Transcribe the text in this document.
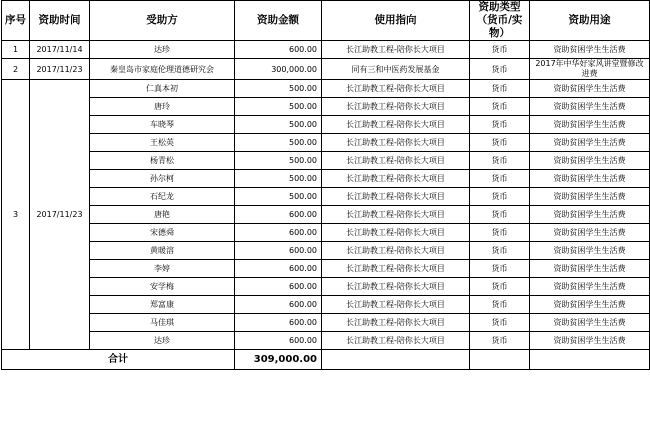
序号	资助时间	受助方	资助金额	使用指向	资助类型（货币/实物）	资助用途
1	2017/11/14	达珍	600.00	长江助教工程-陪你长大项目	货币	资助贫困学生生活费
2	2017/11/23	秦皇岛市家庭伦理道德研究会	300,000.00	同有三和中医药发展基金	货币	2017年中华好家风讲堂暨修改进费
3	2017/11/23	仁真本初	500.00	长江助教工程-陪你长大项目	货币	资助贫困学生生活费
		唐玲	500.00	长江助教工程-陪你长大项目	货币	资助贫困学生生活费
		车晓琴	500.00	长江助教工程-陪你长大项目	货币	资助贫困学生生活费
		王松英	500.00	长江助教工程-陪你长大项目	货币	资助贫困学生生活费
		杨青松	500.00	长江助教工程-陪你长大项目	货币	资助贫困学生生活费
		孙尔柯	500.00	长江助教工程-陪你长大项目	货币	资助贫困学生生活费
		石纪龙	500.00	长江助教工程-陪你长大项目	货币	资助贫困学生生活费
		唐艳	600.00	长江助教工程-陪你长大项目	货币	资助贫困学生生活费
		宋德舜	600.00	长江助教工程-陪你长大项目	货币	资助贫困学生生活费
		黄暖溶	600.00	长江助教工程-陪你长大项目	货币	资助贫困学生生活费
		李婷	600.00	长江助教工程-陪你长大项目	货币	资助贫困学生生活费
		安学梅	600.00	长江助教工程-陪你长大项目	货币	资助贫困学生生活费
		郑富康	600.00	长江助教工程-陪你长大项目	货币	资助贫困学生生活费
		马佳琪	600.00	长江助教工程-陪你长大项目	货币	资助贫困学生生活费
		达珍	600.00	长江助教工程-陪你长大项目	货币	资助贫困学生生活费
合计			309,000.00			
